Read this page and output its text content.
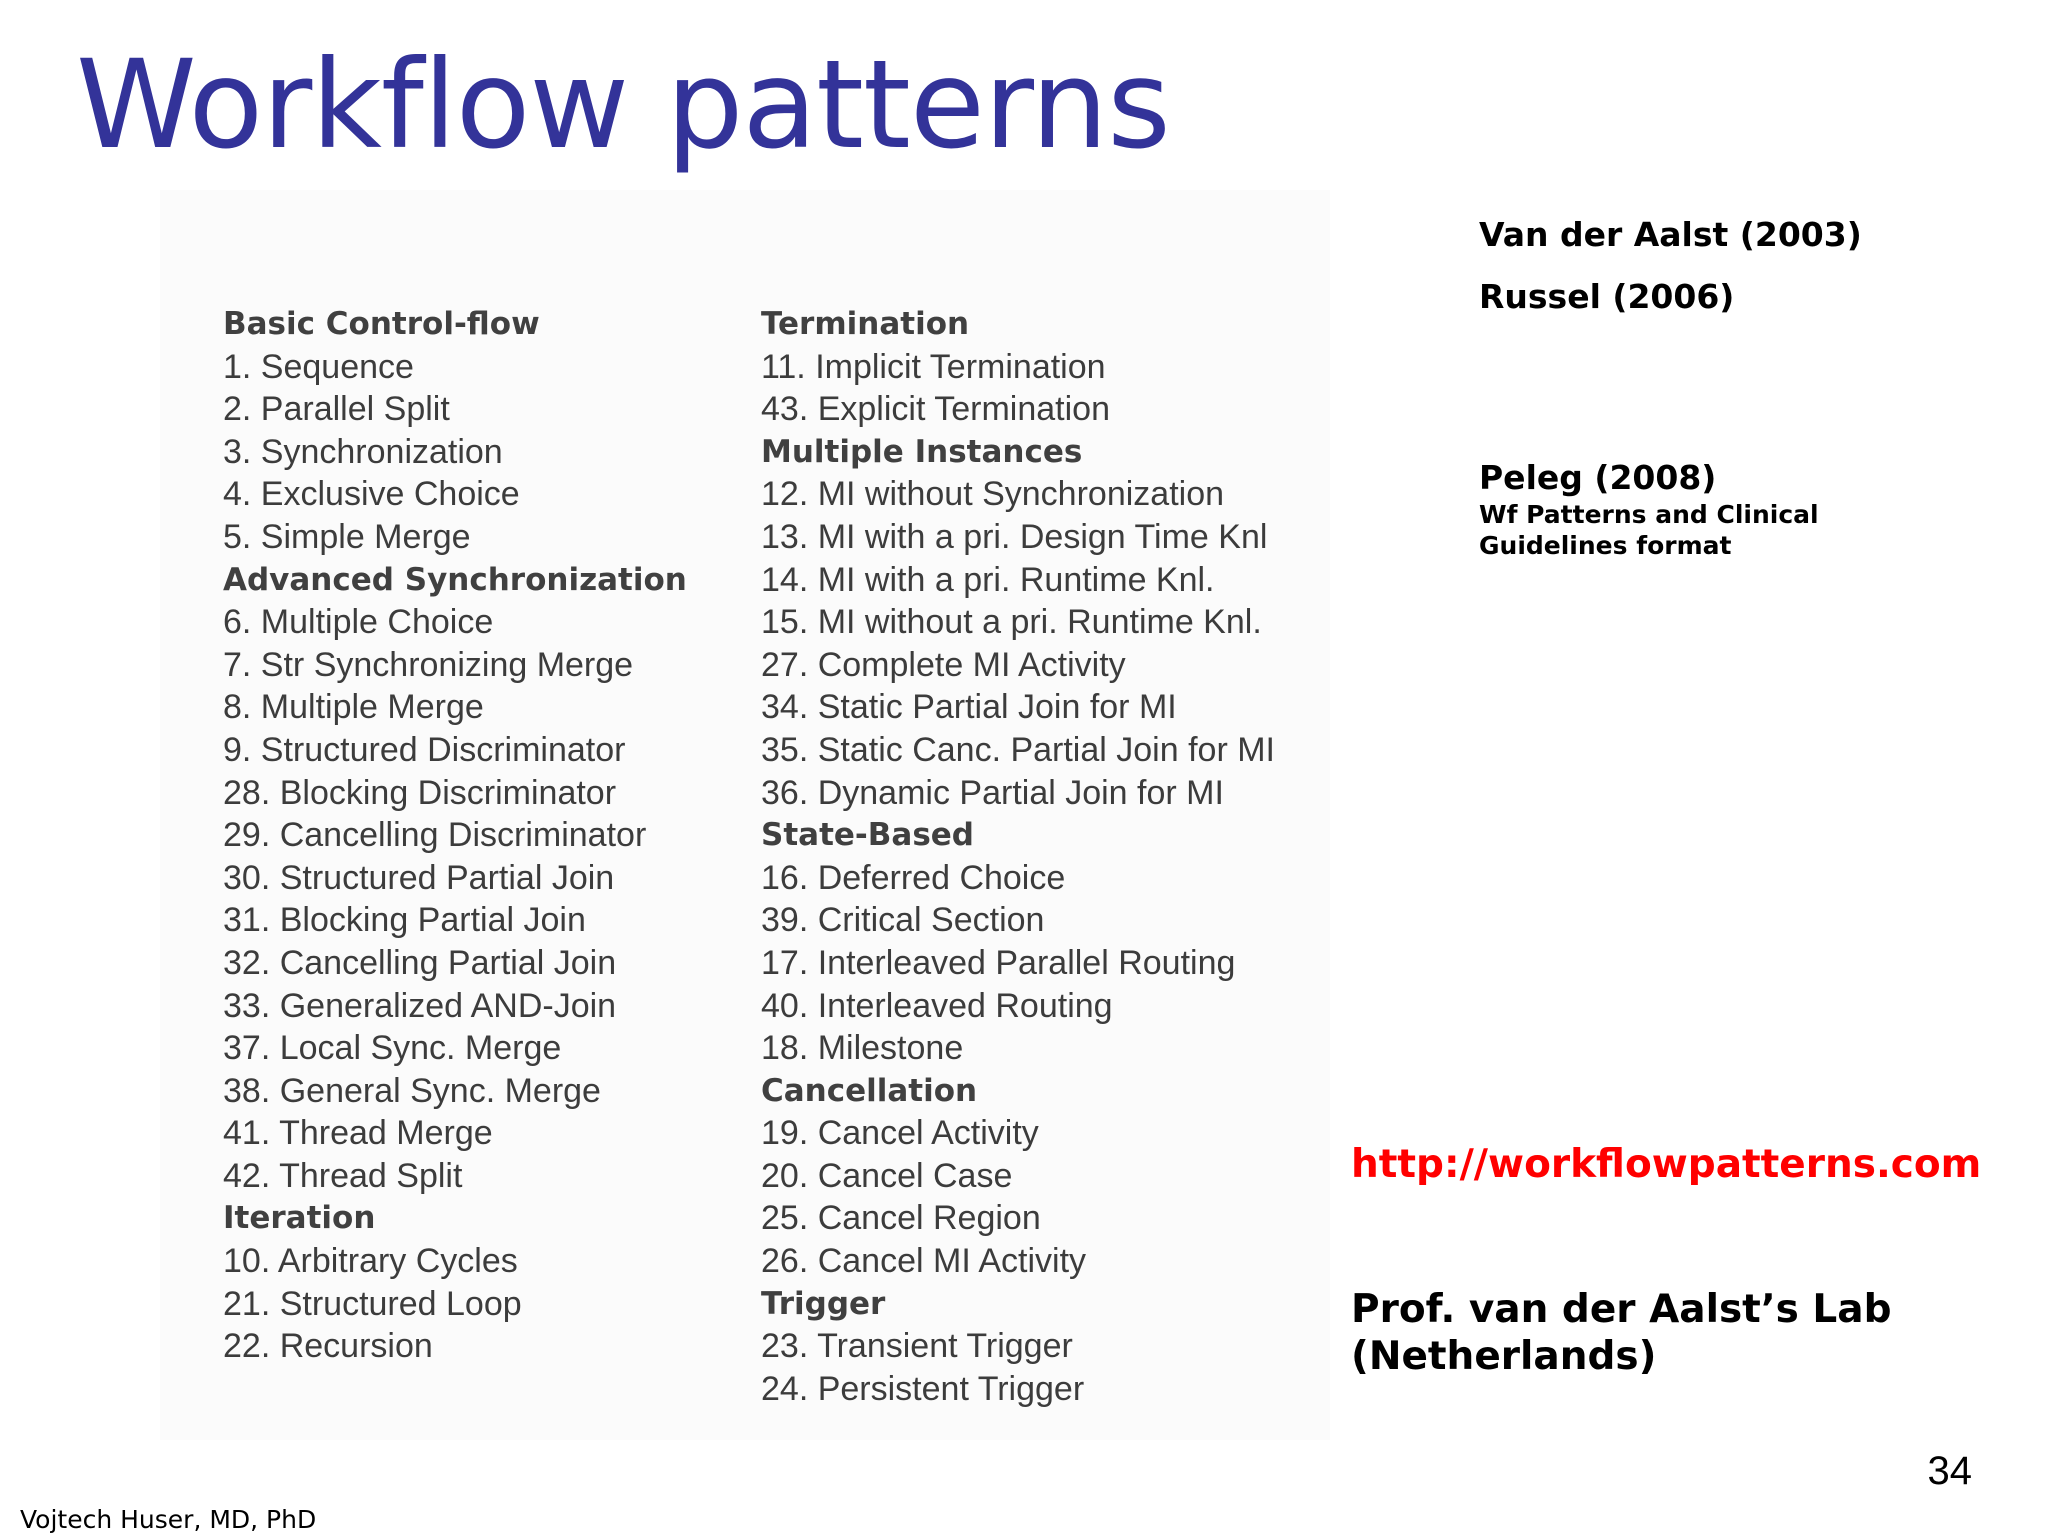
Workflow patterns
Basic Control-flow
1. Sequence
2. Parallel Split
3. Synchronization
4. Exclusive Choice
5. Simple Merge
Advanced Synchronization
6. Multiple Choice
7. Str Synchronizing Merge
8. Multiple Merge
9. Structured Discriminator
28. Blocking Discriminator
29. Cancelling Discriminator
30. Structured Partial Join
31. Blocking Partial Join
32. Cancelling Partial Join
33. Generalized AND-Join
37. Local Sync. Merge
38. General Sync. Merge
41. Thread Merge
42. Thread Split
Iteration
10. Arbitrary Cycles
21. Structured Loop
22. Recursion
Termination
11. Implicit Termination
43. Explicit Termination
Multiple Instances
12. MI without Synchronization
13. MI with a pri. Design Time Knl
14. MI with a pri. Runtime Knl.
15. MI without a pri. Runtime Knl.
27. Complete MI Activity
34. Static Partial Join for MI
35. Static Canc. Partial Join for MI
36. Dynamic Partial Join for MI
State-Based
16. Deferred Choice
39. Critical Section
17. Interleaved Parallel Routing
40. Interleaved Routing
18. Milestone
Cancellation
19. Cancel Activity
20. Cancel Case
25. Cancel Region
26. Cancel MI Activity
Trigger
23. Transient Trigger
24. Persistent Trigger
Van der Aalst (2003)
Russel (2006)
Peleg (2008)
Wf Patterns and Clinical Guidelines format
http://workflowpatterns.com
Prof. van der Aalst’s Lab
(Netherlands)
34
Vojtech Huser, MD, PhD
